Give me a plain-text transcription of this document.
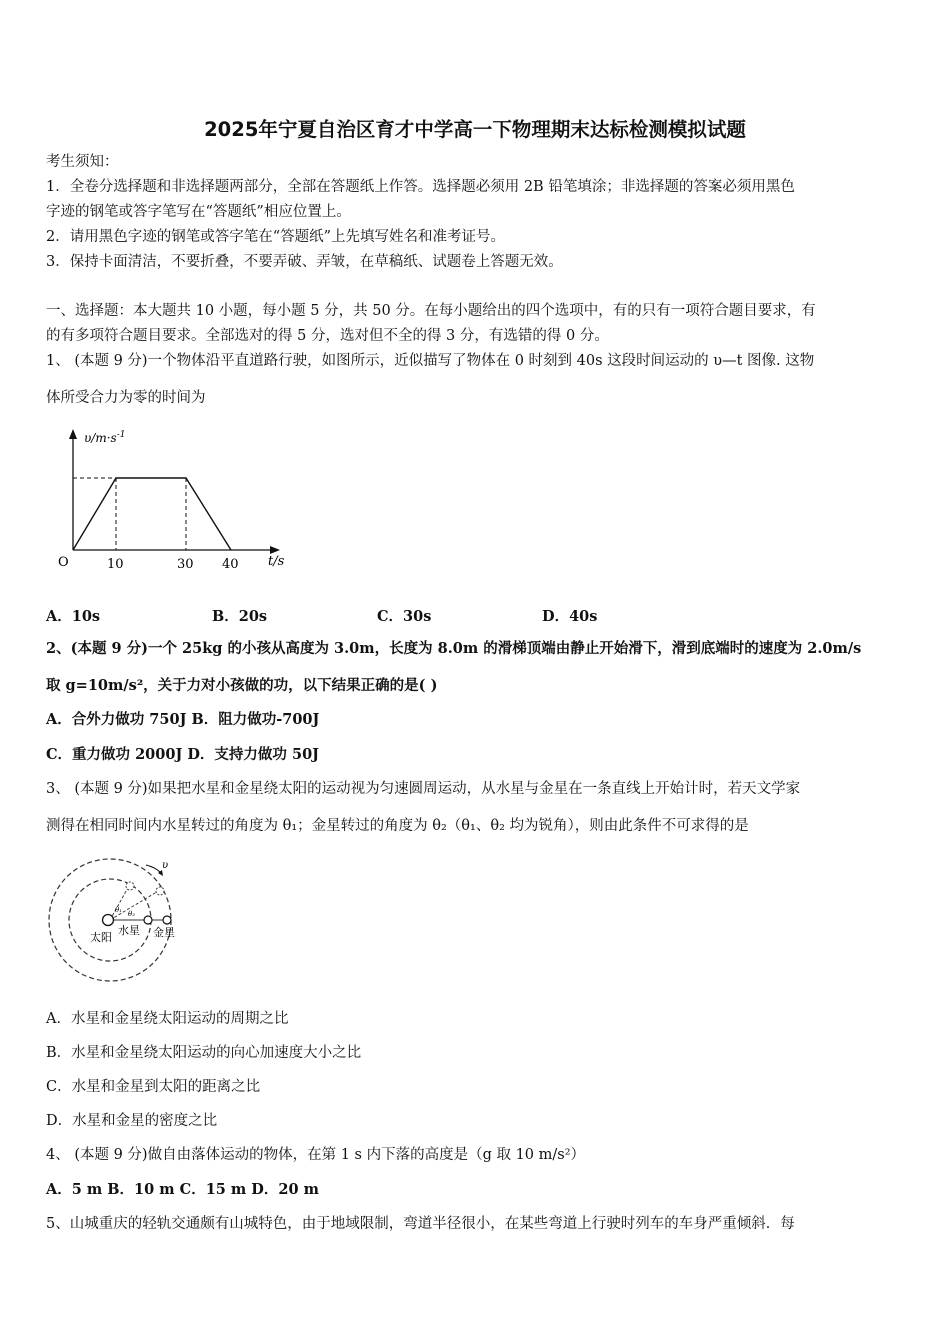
2025年宁夏自治区育才中学高一下物理期末达标检测模拟试题
考生须知：
1．全卷分选择题和非选择题两部分，全部在答题纸上作答。选择题必须用 2B 铅笔填涂；非选择题的答案必须用黑色
字迹的钢笔或答字笔写在“答题纸”相应位置上。
2．请用黑色字迹的钢笔或答字笔在“答题纸”上先填写姓名和准考证号。
3．保持卡面清洁，不要折叠，不要弄破、弄皱，在草稿纸、试题卷上答题无效。
一、选择题：本大题共 10 小题，每小题 5 分，共 50 分。在每小题给出的四个选项中，有的只有一项符合题目要求，有
的有多项符合题目要求。全部选对的得 5 分，选对但不全的得 3 分，有选错的得 0 分。
1、 (本题 9 分)一个物体沿平直道路行驶，如图所示，近似描写了物体在 0 时刻到 40s 这段时间运动的 υ—t 图像. 这物
体所受合力为零的时间为
$\upsilon/m\cdot s^{-1}$
O	10	30 40 t/s
A．10s	B．20s	C．30s	D．40s
2、(本题 9 分)一个 25kg 的小孩从高度为 3.0m，长度为 8.0m 的滑梯顶端由静止开始滑下，滑到底端时的速度为 2.0m/s
取 g=10m/s²，关于力对小孩做的功，以下结果正确的是( )
A．合外力做功 750J B．阻力做功-700J
C．重力做功 2000J D．支持力做功 50J
3、 (本题 9 分)如果把水星和金星绕太阳的运动视为匀速圆周运动，从水星与金星在一条直线上开始计时，若天文学家
测得在相同时间内水星转过的角度为 θ₁；金星转过的角度为 θ₂（θ₁、θ₂ 均为锐角），则由此条件不可求得的是
υ
θ₁ θ₂
太阳
水星 金星
A．水星和金星绕太阳运动的周期之比
B．水星和金星绕太阳运动的向心加速度大小之比
C．水星和金星到太阳的距离之比
D．水星和金星的密度之比
4、 (本题 9 分)做自由落体运动的物体，在第 1 s 内下落的高度是（g 取 10 m/s²）
A．5 m B．10 m C．15 m D．20 m
5、山城重庆的轻轨交通颇有山城特色，由于地域限制，弯道半径很小，在某些弯道上行驶时列车的车身严重倾斜．每
